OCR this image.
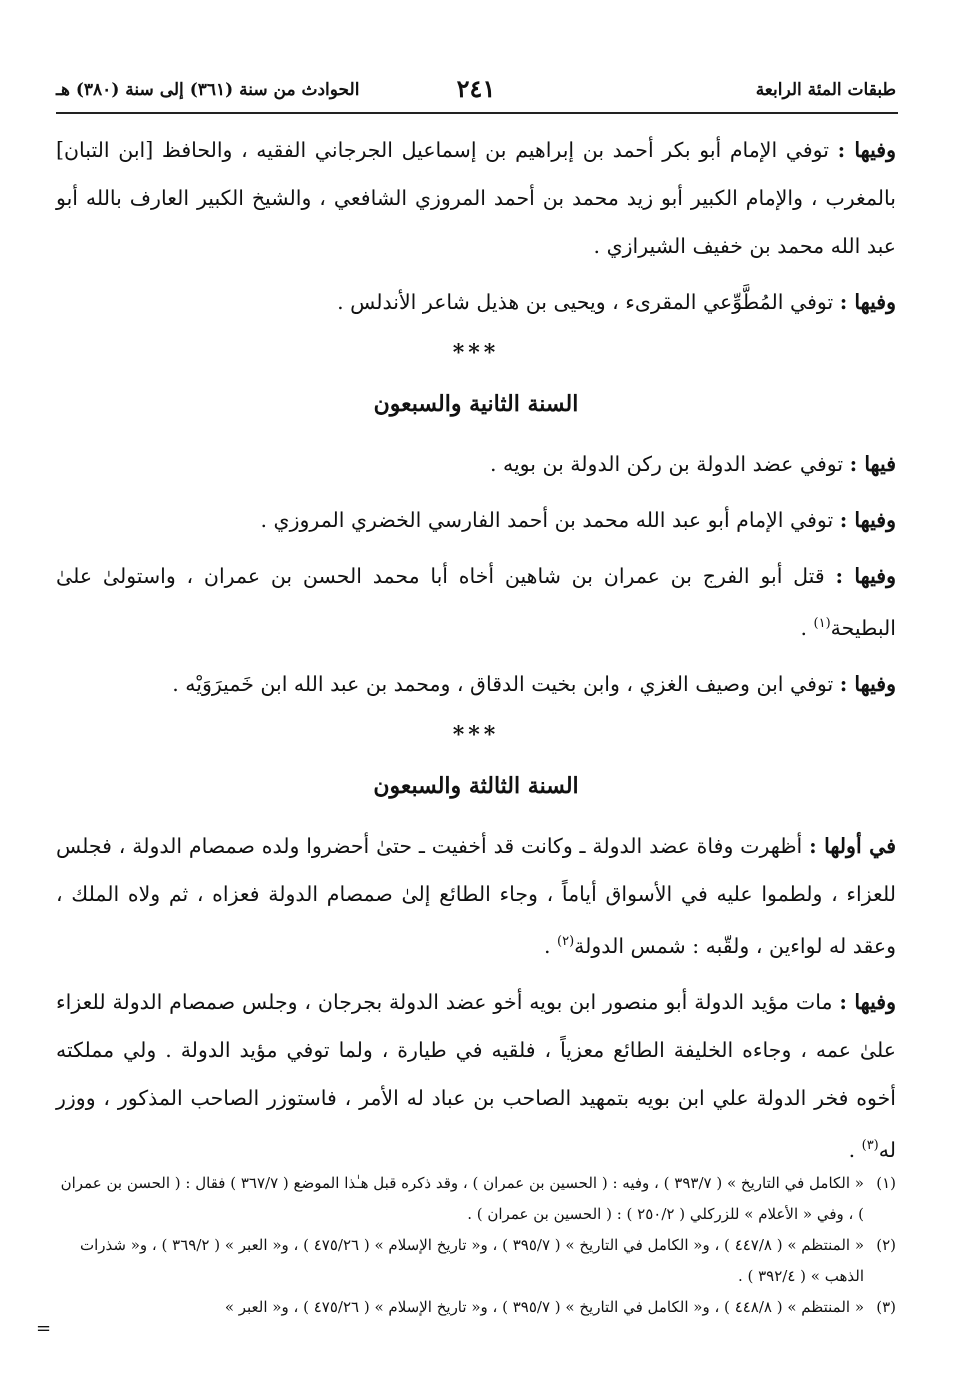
طبقات المئة الرابعة
٢٤١
الحوادث من سنة (٣٦١) إلى سنة (٣٨٠) هـ

وفيها : توفي الإمام أبو بكر أحمد بن إبراهيم بن إسماعيل الجرجاني الفقيه ، والحافظ [ابن التبان] بالمغرب ، والإمام الكبير أبو زيد محمد بن أحمد المروزي الشافعي ، والشيخ الكبير العارف بالله أبو عبد الله محمد بن خفيف الشيرازي .

وفيها : توفي المُطَّوِّعي المقرىء ، ويحيى بن هذيل شاعر الأندلس .

***
السنة الثانية والسبعون

فيها : توفي عضد الدولة بن ركن الدولة بن بويه .

وفيها : توفي الإمام أبو عبد الله محمد بن أحمد الفارسي الخضري المروزي .

وفيها : قتل أبو الفرج بن عمران بن شاهين أخاه أبا محمد الحسن بن عمران ، واستولىٰ علىٰ البطيحة$^{(١)}$ .

وفيها : توفي ابن وصيف الغزي ، وابن بخيت الدقاق ، ومحمد بن عبد الله ابن خَميرَوَيْه .

***
السنة الثالثة والسبعون

في أولها : أظهرت وفاة عضد الدولة ـ وكانت قد أخفيت ـ حتىٰ أحضروا ولده صمصام الدولة ، فجلس للعزاء ، ولطموا عليه في الأسواق أياماً ، وجاء الطائع إلىٰ صمصام الدولة فعزاه ، ثم ولاه الملك ، وعقد له لواءين ، ولقّبه : شمس الدولة$^{(٢)}$ .

وفيها : مات مؤيد الدولة أبو منصور ابن بويه أخو عضد الدولة بجرجان ، وجلس صمصام الدولة للعزاء علىٰ عمه ، وجاءه الخليفة الطائع معزياً ، فلقيه في طيارة ، ولما توفي مؤيد الدولة . ولي مملكته أخوه فخر الدولة علي ابن بويه بتمهيد الصاحب بن عباد له الأمر ، فاستوزر الصاحب المذكور ، ووزر له$^{(٣)}$ .

(١)
« الكامل في التاريخ » ( ٣٩٣/٧ ) ، وفيه : ( الحسين بن عمران ) ، وقد ذكره قبل هـٰذا الموضع ( ٣٦٧/٧ ) فقال : ( الحسن بن عمران ) ، وفي « الأعلام » للزركلي ( ٢٥٠/٢ ) : ( الحسين بن عمران ) .
(٢)
« المنتظم » ( ٤٤٧/٨ ) ، و« الكامل في التاريخ » ( ٣٩٥/٧ ) ، و« تاريخ الإسلام » ( ٤٧٥/٢٦ ) ، و« العبر » ( ٣٦٩/٢ ) ، و« شذرات الذهب » ( ٣٩٢/٤ ) .
(٣)
« المنتظم » ( ٤٤٨/٨ ) ، و« الكامل في التاريخ » ( ٣٩٥/٧ ) ، و« تاريخ الإسلام » ( ٤٧٥/٢٦ ) ، و« العبر »
=
